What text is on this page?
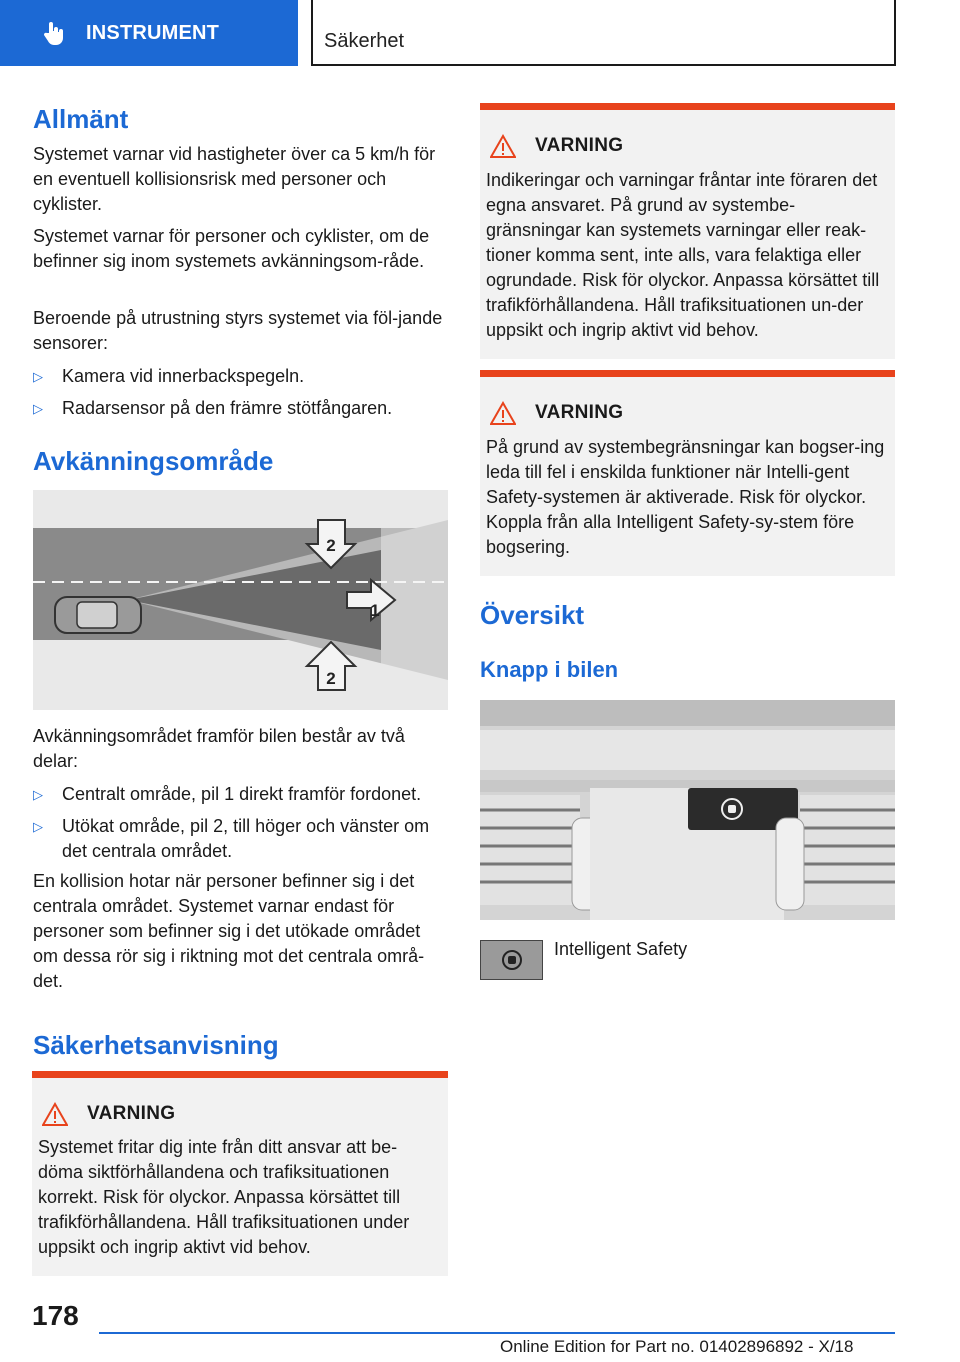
INSTRUMENT	Säkerhet
Allmänt
Systemet varnar vid hastigheter över ca 5 km/h för en eventuell kollisionsrisk med personer och cyklister.
Systemet varnar för personer och cyklister, om de befinner sig inom systemets avkänningsom-råde.
Beroende på utrustning styrs systemet via föl-jande sensorer:
▷ Kamera vid innerbackspegeln.
▷ Radarsensor på den främre stötfångaren.
Avkänningsområde
2
1
2
Avkänningsområdet framför bilen består av två delar:
▷ Centralt område, pil 1 direkt framför fordonet.
▷ Utökat område, pil 2, till höger och vänster om det centrala området.
En kollision hotar när personer befinner sig i det centrala området. Systemet varnar endast för personer som befinner sig i det utökade området om dessa rör sig i riktning mot det centrala områ-det.
Säkerhetsanvisning
VARNING
Systemet fritar dig inte från ditt ansvar att be-döma siktförhållandena och trafiksituationen korrekt. Risk för olyckor. Anpassa körsättet till trafikförhållandena. Håll trafiksituationen under uppsikt och ingrip aktivt vid behov.
VARNING
Indikeringar och varningar fråntar inte föraren det egna ansvaret. På grund av systembe-gränsningar kan systemets varningar eller reak-tioner komma sent, inte alls, vara felaktiga eller ogrundade. Risk för olyckor. Anpassa körsättet till trafikförhållandena. Håll trafiksituationen un-der uppsikt och ingrip aktivt vid behov.
VARNING
På grund av systembegränsningar kan bogser-ing leda till fel i enskilda funktioner när Intelli-gent Safety-systemen är aktiverade. Risk för olyckor. Koppla från alla Intelligent Safety-sy-stem före bogsering.
Översikt
Knapp i bilen
Intelligent Safety
178
Online Edition for Part no. 01402896892 - X/18
